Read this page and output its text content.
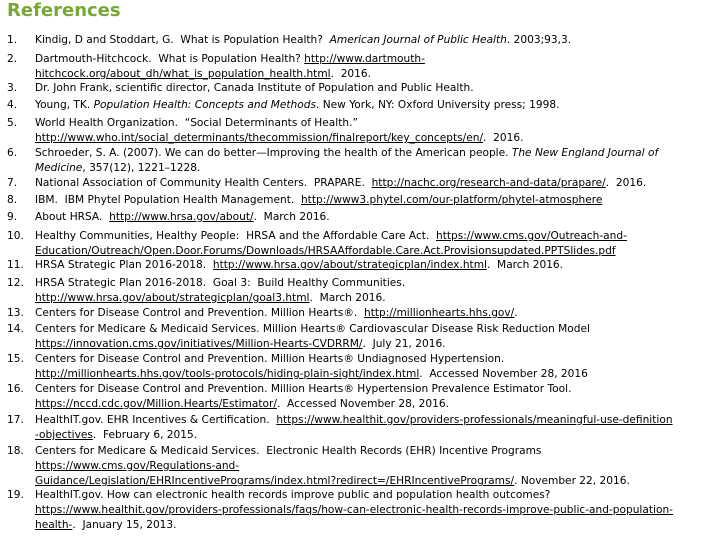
References
1. Kindig, D and Stoddart, G.  What is Population Health?  American Journal of Public Health. 2003;93,3.
2. Dartmouth-Hitchcock.  What is Population Health? http://www.dartmouth-
hitchcock.org/about_dh/what_is_population_health.html.  2016.
3. Dr. John Frank, scientific director, Canada Institute of Population and Public Health.
4. Young, TK. Population Health: Concepts and Methods. New York, NY: Oxford University press; 1998.
5. World Health Organization.  “Social Determinants of Health.”
http://www.who.int/social_determinants/thecommission/finalreport/key_concepts/en/.  2016.
6. Schroeder, S. A. (2007). We can do better—Improving the health of the American people. The New England Journal of
Medicine, 357(12), 1221–1228.
7. National Association of Community Health Centers.  PRAPARE.  http://nachc.org/research-and-data/prapare/.  2016.
8. IBM.  IBM Phytel Population Health Management.  http://www3.phytel.com/our-platform/phytel-atmosphere
9. About HRSA.  http://www.hrsa.gov/about/.  March 2016.
10. Healthy Communities, Healthy People:  HRSA and the Affordable Care Act.  https://www.cms.gov/Outreach-and-
Education/Outreach/Open.Door.Forums/Downloads/HRSAAffordable.Care.Act.Provisionsupdated.PPTSlides.pdf
11. HRSA Strategic Plan 2016-2018.  http://www.hrsa.gov/about/strategicplan/index.html.  March 2016.
12. HRSA Strategic Plan 2016-2018.  Goal 3:  Build Healthy Communities.
http://www.hrsa.gov/about/strategicplan/goal3.html.  March 2016.
13. Centers for Disease Control and Prevention. Million Hearts®.  http://millionhearts.hhs.gov/.
14. Centers for Medicare & Medicaid Services. Million Hearts® Cardiovascular Disease Risk Reduction Model
https://innovation.cms.gov/initiatives/Million-Hearts-CVDRRM/.  July 21, 2016.
15. Centers for Disease Control and Prevention. Million Hearts® Undiagnosed Hypertension.
http://millionhearts.hhs.gov/tools-protocols/hiding-plain-sight/index.html.  Accessed November 28, 2016
16. Centers for Disease Control and Prevention. Million Hearts® Hypertension Prevalence Estimator Tool.
https://nccd.cdc.gov/Million.Hearts/Estimator/.  Accessed November 28, 2016.
17. HealthIT.gov. EHR Incentives & Certification.  https://www.healthit.gov/providers-professionals/meaningful-use-definition
-objectives.  February 6, 2015.
18. Centers for Medicare & Medicaid Services.  Electronic Health Records (EHR) Incentive Programs
https://www.cms.gov/Regulations-and-
Guidance/Legislation/EHRIncentivePrograms/index.html?redirect=/EHRIncentivePrograms/. November 22, 2016.
19. HealthIT.gov. How can electronic health records improve public and population health outcomes?
https://www.healthit.gov/providers-professionals/faqs/how-can-electronic-health-records-improve-public-and-population-
health-.  January 15, 2013.
